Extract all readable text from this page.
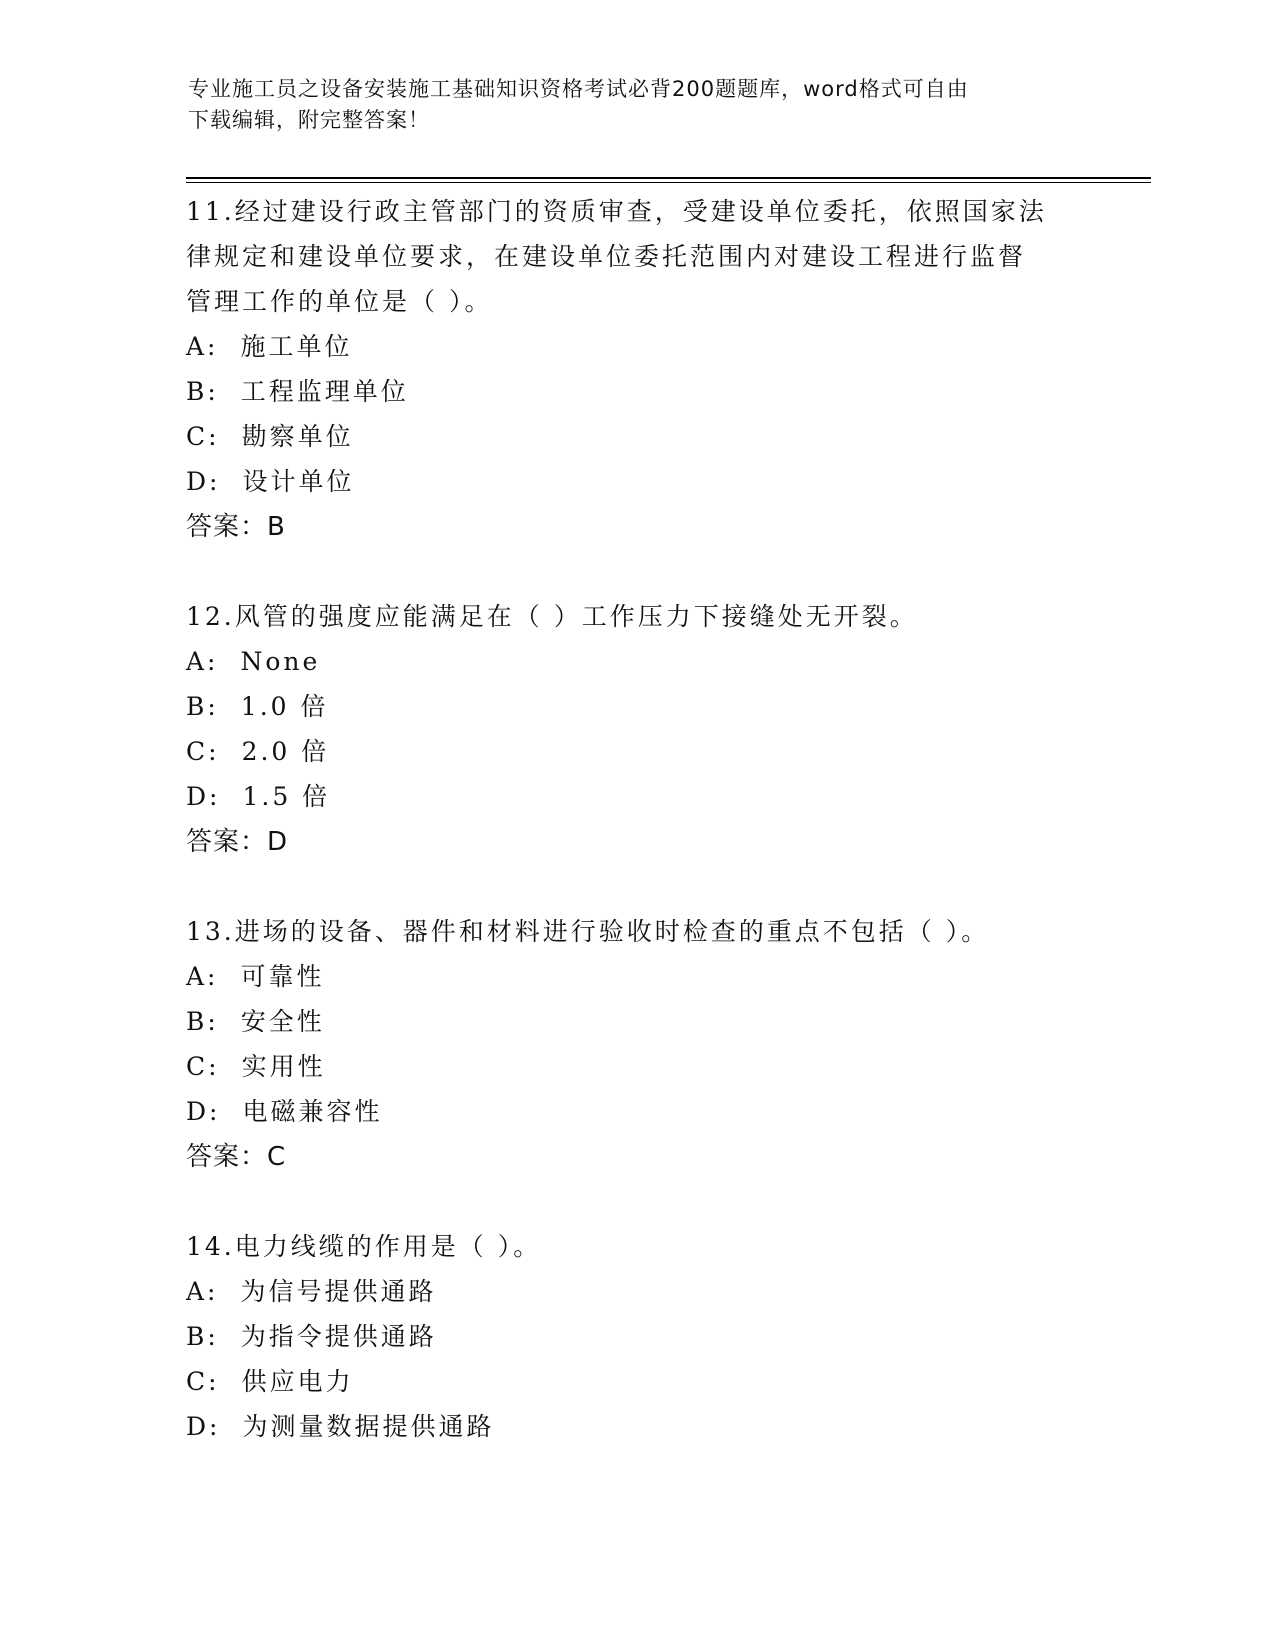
专业施工员之设备安装施工基础知识资格考试必背200题题库，word格式可自由
下载编辑，附完整答案！

11.经过建设行政主管部门的资质审查，受建设单位委托，依照国家法
律规定和建设单位要求，在建设单位委托范围内对建设工程进行监督
管理工作的单位是（ ）。

A: 施工单位

B: 工程监理单位

C: 勘察单位

D: 设计单位

答案：B

12.风管的强度应能满足在（ ）工作压力下接缝处无开裂。

A: None

B: 1.0 倍

C: 2.0 倍

D: 1.5 倍

答案：D

13.进场的设备、器件和材料进行验收时检查的重点不包括（ ）。

A: 可靠性

B: 安全性

C: 实用性

D: 电磁兼容性

答案：C

14.电力线缆的作用是（ ）。

A: 为信号提供通路

B: 为指令提供通路

C: 供应电力

D: 为测量数据提供通路
